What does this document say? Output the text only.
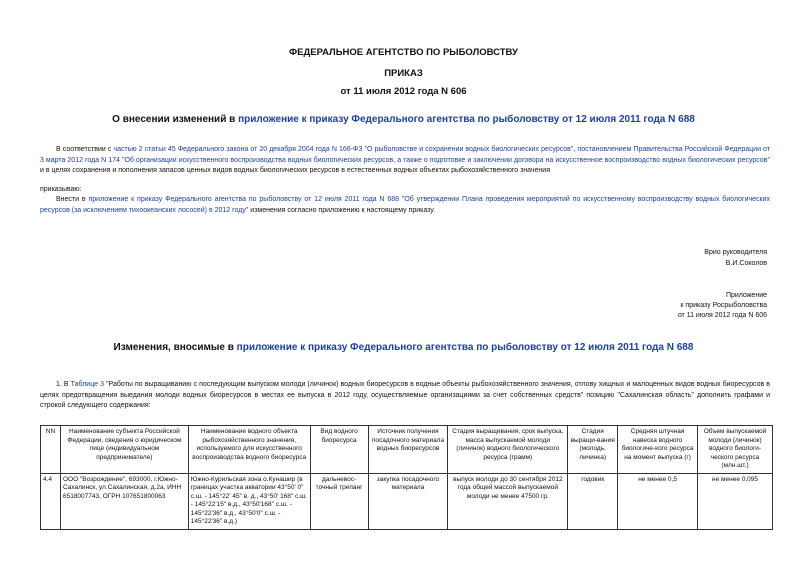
ФЕДЕРАЛЬНОЕ АГЕНТСТВО ПО РЫБОЛОВСТВУ
ПРИКАЗ
от 11 июля 2012 года N 606
О внесении изменений в приложение к приказу Федерального агентства по рыболовству от 12 июля 2011 года N 688
В соответствии с частью 2 статьи 45 Федерального закона от 20 декабря 2004 года N 166-ФЗ "О рыболовстве и сохранении водных биологических ресурсов", постановлением Правительства Российской Федерации от 3 марта 2012 года N 174 "Об организации искусственного воспроизводства водных биологических ресурсов, а также о подготовке и заключении договора на искусственное воспроизводство водных биологических ресурсов" и в целях сохранения и пополнения запасов ценных видов водных биологических ресурсов в естественных водных объектах рыбохозяйственного значения
приказываю:
Внести в приложение к приказу Федерального агентства по рыболовству от 12 июля 2011 года N 688 "Об утверждении Плана проведения мероприятий по искусственному воспроизводству водных биологических ресурсов (за исключением тихоокеанских лососей) в 2012 году" изменения согласно приложению к настоящему приказу.
Врио руководителя
В.И.Соколов
Приложение
к приказу Росрыболовства
от 11 июля 2012 года N 606
Изменения, вносимые в приложение к приказу Федерального агентства по рыболовству от 12 июля 2011 года N 688
1. В Таблице 3 "Работы по выращиванию с последующим выпуском молоди (личинок) водных биоресурсов в водные объекты рыбохозяйственного значения, отлову хищных и малоценных видов водных биоресурсов в целях предотвращения выедания молоди водных биоресурсов в местах ее выпуска в 2012 году, осуществляемые организациями за счет собственных средств" позицию "Сахалинская область" дополнить графами и строкой следующего содержания:
NN	Наименование субъекта Российской Федерации, сведения о юридическом лице (индивидуальном предпринимателе)	Наименование водного объекта рыбохозяйственного значения, используемого для искусственного воспроизводства водного биоресурса	Вид водного биоресурса	Источник получения посадочного материала водных биоресурсов	Стадия выращивания, срок выпуска, масса выпускаемой молоди (личинок) водного биологического ресурса (грамм)	Стадия выращи-вания (молодь, личинка)	Средняя штучная навеска водного биологиче-кого ресурса на момент выпуска (г)	Объем выпускаемой молоди (личинок) водного биологи-ческого ресурса (млн.шт.)
4.4	ООО "Возрождение", 693000, г.Южно-Сахалинск, ул.Сахалинская, д.2а, ИНН 6518007743, ОГРН 107651800063	Южно-Курильская зона о.Кунашир (в границах участка акватории 43°50' 0" с.ш. - 145°22' 45" в. д., 43°50' 168" с.ш. - 145°22'15" в.д., 43°50'168" с.ш. - 145°22'36" в.д., 43°50'0" с.ш. - 145°22'36" в.д.)	дальневос-точный трепанг	закупка посадочного материала	выпуск молоди до 30 сентября 2012 года общей массой выпускаемой молоди не менее 47500 гр.	годовик	не менее 0,5	не менее 0,095
